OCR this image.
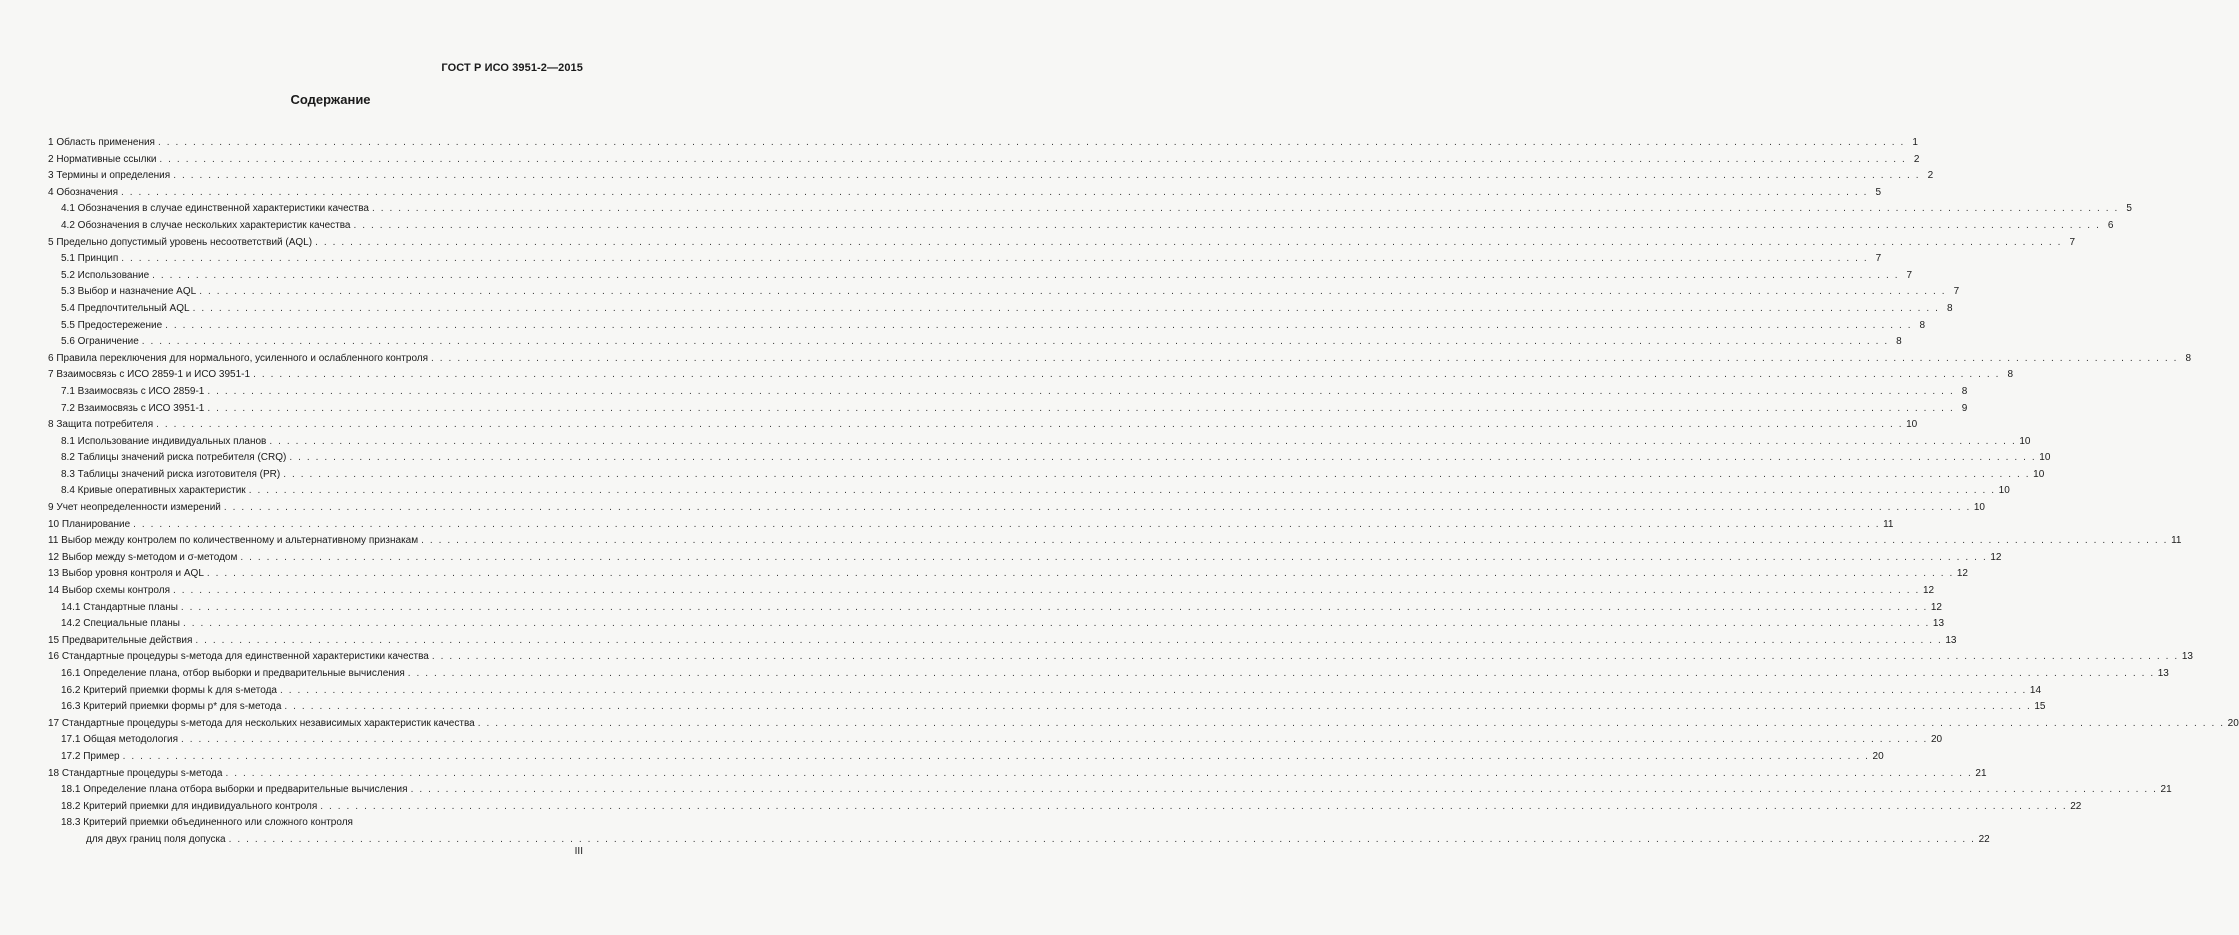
ГОСТ Р ИСО 3951-2—2015
Содержание
1 Область применения . . . . . . . . . . . . . . . . . . . . . . . . . . . . . . . . . . . . . . . . . . . . . . . . . . . . . . . . . . . . . . . . . . . . . . . . . . . . . . . . . . . . . . . . . . . . . . . . . . . . . . . . . . . . . . . . . . . . . . . . . . . . . . . . . . . . . . . . . . . . . . . . . . . . . . . . . . . . . . . . . . . . . . . . . . . . . . . . . . . . . . . . . . . . . . . . . . . . . . . . 1
2 Нормативные ссылки . . . . . . . . . . . . . . . . . . . . . . . . . . . . . . . . . . . . . . . . . . . . . . . . . . . . . . . . . . . . . . . . . . . . . . . . . . . . . . . . . . . . . . . . . . . . . . . . . . . . . . . . . . . . . . . . . . . . . . . . . . . . . . . . . . . . . . . . . . . . . . . . . . . . . . . . . . . . . . . . . . . . . . . . . . . . . . . . . . . . . . . . . . . . . . . . . . . . . . . . 2
3 Термины и определения . . . . . . . . . . . . . . . . . . . . . . . . . . . . . . . . . . . . . . . . . . . . . . . . . . . . . . . . . . . . . . . . . . . . . . . . . . . . . . . . . . . . . . . . . . . . . . . . . . . . . . . . . . . . . . . . . . . . . . . . . . . . . . . . . . . . . . . . . . . . . . . . . . . . . . . . . . . . . . . . . . . . . . . . . . . . . . . . . . . . . . . . . . . . . . . . . . . . . . . . 2
4 Обозначения . . . . . . . . . . . . . . . . . . . . . . . . . . . . . . . . . . . . . . . . . . . . . . . . . . . . . . . . . . . . . . . . . . . . . . . . . . . . . . . . . . . . . . . . . . . . . . . . . . . . . . . . . . . . . . . . . . . . . . . . . . . . . . . . . . . . . . . . . . . . . . . . . . . . . . . . . . . . . . . . . . . . . . . . . . . . . . . . . . . . . . . . . . . . . . . . . . . . . . . . 5
4.1 Обозначения в случае единственной характеристики качества . . . . . . . . . . . . . . . . . . . . . . . . . . . . . . . . . . . . . . . . . . . . . . . . . . . . . . . . . . . . . . . . . . . . . . . . . . . . . . . . . . . . . . . . . . . . . . . . . . . . . . . . . . . . . . . . . . . . . . . . . . . . . . . . . . . . . . . . . . . . . . . . . . . . . . . . . . . . . . . . . . . . . . . . . . . . . . . . . . . . . . . . . . . . . . . . . . . . . . . . 5
4.2 Обозначения в случае нескольких характеристик качества . . . . . . . . . . . . . . . . . . . . . . . . . . . . . . . . . . . . . . . . . . . . . . . . . . . . . . . . . . . . . . . . . . . . . . . . . . . . . . . . . . . . . . . . . . . . . . . . . . . . . . . . . . . . . . . . . . . . . . . . . . . . . . . . . . . . . . . . . . . . . . . . . . . . . . . . . . . . . . . . . . . . . . . . . . . . . . . . . . . . . . . . . . . . . . . . . . . . . . . . 6
5 Предельно допустимый уровень несоответствий (AQL) . . . . . . . . . . . . . . . . . . . . . . . . . . . . . . . . . . . . . . . . . . . . . . . . . . . . . . . . . . . . . . . . . . . . . . . . . . . . . . . . . . . . . . . . . . . . . . . . . . . . . . . . . . . . . . . . . . . . . . . . . . . . . . . . . . . . . . . . . . . . . . . . . . . . . . . . . . . . . . . . . . . . . . . . . . . . . . . . . . . . . . . . . . . . . . . . . . . . . . . . 7
5.1 Принцип . . . . . . . . . . . . . . . . . . . . . . . . . . . . . . . . . . . . . . . . . . . . . . . . . . . . . . . . . . . . . . . . . . . . . . . . . . . . . . . . . . . . . . . . . . . . . . . . . . . . . . . . . . . . . . . . . . . . . . . . . . . . . . . . . . . . . . . . . . . . . . . . . . . . . . . . . . . . . . . . . . . . . . . . . . . . . . . . . . . . . . . . . . . . . . . . . . . . . . . . 7
5.2 Использование . . . . . . . . . . . . . . . . . . . . . . . . . . . . . . . . . . . . . . . . . . . . . . . . . . . . . . . . . . . . . . . . . . . . . . . . . . . . . . . . . . . . . . . . . . . . . . . . . . . . . . . . . . . . . . . . . . . . . . . . . . . . . . . . . . . . . . . . . . . . . . . . . . . . . . . . . . . . . . . . . . . . . . . . . . . . . . . . . . . . . . . . . . . . . . . . . . . . . . . . 7
5.3 Выбор и назначение AQL . . . . . . . . . . . . . . . . . . . . . . . . . . . . . . . . . . . . . . . . . . . . . . . . . . . . . . . . . . . . . . . . . . . . . . . . . . . . . . . . . . . . . . . . . . . . . . . . . . . . . . . . . . . . . . . . . . . . . . . . . . . . . . . . . . . . . . . . . . . . . . . . . . . . . . . . . . . . . . . . . . . . . . . . . . . . . . . . . . . . . . . . . . . . . . . . . . . . . . . . 7
5.4 Предпочтительный AQL . . . . . . . . . . . . . . . . . . . . . . . . . . . . . . . . . . . . . . . . . . . . . . . . . . . . . . . . . . . . . . . . . . . . . . . . . . . . . . . . . . . . . . . . . . . . . . . . . . . . . . . . . . . . . . . . . . . . . . . . . . . . . . . . . . . . . . . . . . . . . . . . . . . . . . . . . . . . . . . . . . . . . . . . . . . . . . . . . . . . . . . . . . . . . . . . . . . . . . . . 8
5.5 Предостережение . . . . . . . . . . . . . . . . . . . . . . . . . . . . . . . . . . . . . . . . . . . . . . . . . . . . . . . . . . . . . . . . . . . . . . . . . . . . . . . . . . . . . . . . . . . . . . . . . . . . . . . . . . . . . . . . . . . . . . . . . . . . . . . . . . . . . . . . . . . . . . . . . . . . . . . . . . . . . . . . . . . . . . . . . . . . . . . . . . . . . . . . . . . . . . . . . . . . . . . . 8
5.6 Ограничение . . . . . . . . . . . . . . . . . . . . . . . . . . . . . . . . . . . . . . . . . . . . . . . . . . . . . . . . . . . . . . . . . . . . . . . . . . . . . . . . . . . . . . . . . . . . . . . . . . . . . . . . . . . . . . . . . . . . . . . . . . . . . . . . . . . . . . . . . . . . . . . . . . . . . . . . . . . . . . . . . . . . . . . . . . . . . . . . . . . . . . . . . . . . . . . . . . . . . . . . 8
6 Правила переключения для нормального, усиленного и ослабленного контроля . . . . . . . . . . . . . . . . . . . . . . . . . . . . . . . . . . . . . . . . . . . . . . . . . . . . . . . . . . . . . . . . . . . . . . . . . . . . . . . . . . . . . . . . . . . . . . . . . . . . . . . . . . . . . . . . . . . . . . . . . . . . . . . . . . . . . . . . . . . . . . . . . . . . . . . . . . . . . . . . . . . . . . . . . . . . . . . . . . . . . . . . . . . . . . . . . . . . . . . . 8
7 Взаимосвязь с ИСО 2859-1 и ИСО 3951-1 . . . . . . . . . . . . . . . . . . . . . . . . . . . . . . . . . . . . . . . . . . . . . . . . . . . . . . . . . . . . . . . . . . . . . . . . . . . . . . . . . . . . . . . . . . . . . . . . . . . . . . . . . . . . . . . . . . . . . . . . . . . . . . . . . . . . . . . . . . . . . . . . . . . . . . . . . . . . . . . . . . . . . . . . . . . . . . . . . . . . . . . . . . . . . . . . . . . . . . . . 8
7.1 Взаимосвязь с ИСО 2859-1 . . . . . . . . . . . . . . . . . . . . . . . . . . . . . . . . . . . . . . . . . . . . . . . . . . . . . . . . . . . . . . . . . . . . . . . . . . . . . . . . . . . . . . . . . . . . . . . . . . . . . . . . . . . . . . . . . . . . . . . . . . . . . . . . . . . . . . . . . . . . . . . . . . . . . . . . . . . . . . . . . . . . . . . . . . . . . . . . . . . . . . . . . . . . . . . . . . . . . . . . 8
7.2 Взаимосвязь с ИСО 3951-1 . . . . . . . . . . . . . . . . . . . . . . . . . . . . . . . . . . . . . . . . . . . . . . . . . . . . . . . . . . . . . . . . . . . . . . . . . . . . . . . . . . . . . . . . . . . . . . . . . . . . . . . . . . . . . . . . . . . . . . . . . . . . . . . . . . . . . . . . . . . . . . . . . . . . . . . . . . . . . . . . . . . . . . . . . . . . . . . . . . . . . . . . . . . . . . . . . . . . . . . . 9
8 Защита потребителя . . . . . . . . . . . . . . . . . . . . . . . . . . . . . . . . . . . . . . . . . . . . . . . . . . . . . . . . . . . . . . . . . . . . . . . . . . . . . . . . . . . . . . . . . . . . . . . . . . . . . . . . . . . . . . . . . . . . . . . . . . . . . . . . . . . . . . . . . . . . . . . . . . . . . . . . . . . . . . . . . . . . . . . . . . . . . . . . . . . . . . . . . . . . . . . . . . . . . . . . 10
8.1 Использование индивидуальных планов . . . . . . . . . . . . . . . . . . . . . . . . . . . . . . . . . . . . . . . . . . . . . . . . . . . . . . . . . . . . . . . . . . . . . . . . . . . . . . . . . . . . . . . . . . . . . . . . . . . . . . . . . . . . . . . . . . . . . . . . . . . . . . . . . . . . . . . . . . . . . . . . . . . . . . . . . . . . . . . . . . . . . . . . . . . . . . . . . . . . . . . . . . . . . . . . . . . . . . . . 10
8.2 Таблицы значений риска потребителя (CRQ) . . . . . . . . . . . . . . . . . . . . . . . . . . . . . . . . . . . . . . . . . . . . . . . . . . . . . . . . . . . . . . . . . . . . . . . . . . . . . . . . . . . . . . . . . . . . . . . . . . . . . . . . . . . . . . . . . . . . . . . . . . . . . . . . . . . . . . . . . . . . . . . . . . . . . . . . . . . . . . . . . . . . . . . . . . . . . . . . . . . . . . . . . . . . . . . . . . . . . . . . 10
8.3 Таблицы значений риска изготовителя (PR) . . . . . . . . . . . . . . . . . . . . . . . . . . . . . . . . . . . . . . . . . . . . . . . . . . . . . . . . . . . . . . . . . . . . . . . . . . . . . . . . . . . . . . . . . . . . . . . . . . . . . . . . . . . . . . . . . . . . . . . . . . . . . . . . . . . . . . . . . . . . . . . . . . . . . . . . . . . . . . . . . . . . . . . . . . . . . . . . . . . . . . . . . . . . . . . . . . . . . . . . 10
8.4 Кривые оперативных характеристик . . . . . . . . . . . . . . . . . . . . . . . . . . . . . . . . . . . . . . . . . . . . . . . . . . . . . . . . . . . . . . . . . . . . . . . . . . . . . . . . . . . . . . . . . . . . . . . . . . . . . . . . . . . . . . . . . . . . . . . . . . . . . . . . . . . . . . . . . . . . . . . . . . . . . . . . . . . . . . . . . . . . . . . . . . . . . . . . . . . . . . . . . . . . . . . . . . . . . . . . 10
9 Учет неопределенности измерений . . . . . . . . . . . . . . . . . . . . . . . . . . . . . . . . . . . . . . . . . . . . . . . . . . . . . . . . . . . . . . . . . . . . . . . . . . . . . . . . . . . . . . . . . . . . . . . . . . . . . . . . . . . . . . . . . . . . . . . . . . . . . . . . . . . . . . . . . . . . . . . . . . . . . . . . . . . . . . . . . . . . . . . . . . . . . . . . . . . . . . . . . . . . . . . . . . . . . . . . 10
10 Планирование . . . . . . . . . . . . . . . . . . . . . . . . . . . . . . . . . . . . . . . . . . . . . . . . . . . . . . . . . . . . . . . . . . . . . . . . . . . . . . . . . . . . . . . . . . . . . . . . . . . . . . . . . . . . . . . . . . . . . . . . . . . . . . . . . . . . . . . . . . . . . . . . . . . . . . . . . . . . . . . . . . . . . . . . . . . . . . . . . . . . . . . . . . . . . . . . . . . . . . . . 11
11 Выбор между контролем по количественному и альтернативному признакам . . . . . . . . . . . . . . . . . . . . . . . . . . . . . . . . . . . . . . . . . . . . . . . . . . . . . . . . . . . . . . . . . . . . . . . . . . . . . . . . . . . . . . . . . . . . . . . . . . . . . . . . . . . . . . . . . . . . . . . . . . . . . . . . . . . . . . . . . . . . . . . . . . . . . . . . . . . . . . . . . . . . . . . . . . . . . . . . . . . . . . . . . . . . . . . . . . . . . . . . 11
12 Выбор между s-методом и σ-методом . . . . . . . . . . . . . . . . . . . . . . . . . . . . . . . . . . . . . . . . . . . . . . . . . . . . . . . . . . . . . . . . . . . . . . . . . . . . . . . . . . . . . . . . . . . . . . . . . . . . . . . . . . . . . . . . . . . . . . . . . . . . . . . . . . . . . . . . . . . . . . . . . . . . . . . . . . . . . . . . . . . . . . . . . . . . . . . . . . . . . . . . . . . . . . . . . . . . . . . . 12
13 Выбор уровня контроля и AQL . . . . . . . . . . . . . . . . . . . . . . . . . . . . . . . . . . . . . . . . . . . . . . . . . . . . . . . . . . . . . . . . . . . . . . . . . . . . . . . . . . . . . . . . . . . . . . . . . . . . . . . . . . . . . . . . . . . . . . . . . . . . . . . . . . . . . . . . . . . . . . . . . . . . . . . . . . . . . . . . . . . . . . . . . . . . . . . . . . . . . . . . . . . . . . . . . . . . . . . . 12
14 Выбор схемы контроля . . . . . . . . . . . . . . . . . . . . . . . . . . . . . . . . . . . . . . . . . . . . . . . . . . . . . . . . . . . . . . . . . . . . . . . . . . . . . . . . . . . . . . . . . . . . . . . . . . . . . . . . . . . . . . . . . . . . . . . . . . . . . . . . . . . . . . . . . . . . . . . . . . . . . . . . . . . . . . . . . . . . . . . . . . . . . . . . . . . . . . . . . . . . . . . . . . . . . . . . 12
14.1 Стандартные планы . . . . . . . . . . . . . . . . . . . . . . . . . . . . . . . . . . . . . . . . . . . . . . . . . . . . . . . . . . . . . . . . . . . . . . . . . . . . . . . . . . . . . . . . . . . . . . . . . . . . . . . . . . . . . . . . . . . . . . . . . . . . . . . . . . . . . . . . . . . . . . . . . . . . . . . . . . . . . . . . . . . . . . . . . . . . . . . . . . . . . . . . . . . . . . . . . . . . . . . . 12
14.2 Специальные планы . . . . . . . . . . . . . . . . . . . . . . . . . . . . . . . . . . . . . . . . . . . . . . . . . . . . . . . . . . . . . . . . . . . . . . . . . . . . . . . . . . . . . . . . . . . . . . . . . . . . . . . . . . . . . . . . . . . . . . . . . . . . . . . . . . . . . . . . . . . . . . . . . . . . . . . . . . . . . . . . . . . . . . . . . . . . . . . . . . . . . . . . . . . . . . . . . . . . . . . . 13
15 Предварительные действия . . . . . . . . . . . . . . . . . . . . . . . . . . . . . . . . . . . . . . . . . . . . . . . . . . . . . . . . . . . . . . . . . . . . . . . . . . . . . . . . . . . . . . . . . . . . . . . . . . . . . . . . . . . . . . . . . . . . . . . . . . . . . . . . . . . . . . . . . . . . . . . . . . . . . . . . . . . . . . . . . . . . . . . . . . . . . . . . . . . . . . . . . . . . . . . . . . . . . . . . 13
16 Стандартные процедуры s-метода для единственной характеристики качества . . . . . . . . . . . . . . . . . . . . . . . . . . . . . . . . . . . . . . . . . . . . . . . . . . . . . . . . . . . . . . . . . . . . . . . . . . . . . . . . . . . . . . . . . . . . . . . . . . . . . . . . . . . . . . . . . . . . . . . . . . . . . . . . . . . . . . . . . . . . . . . . . . . . . . . . . . . . . . . . . . . . . . . . . . . . . . . . . . . . . . . . . . . . . . . . . . . . . . . . 13
16.1 Определение плана, отбор выборки и предварительные вычисления . . . . . . . . . . . . . . . . . . . . . . . . . . . . . . . . . . . . . . . . . . . . . . . . . . . . . . . . . . . . . . . . . . . . . . . . . . . . . . . . . . . . . . . . . . . . . . . . . . . . . . . . . . . . . . . . . . . . . . . . . . . . . . . . . . . . . . . . . . . . . . . . . . . . . . . . . . . . . . . . . . . . . . . . . . . . . . . . . . . . . . . . . . . . . . . . . . . . . . . . 13
16.2 Критерий приемки формы k для s-метода . . . . . . . . . . . . . . . . . . . . . . . . . . . . . . . . . . . . . . . . . . . . . . . . . . . . . . . . . . . . . . . . . . . . . . . . . . . . . . . . . . . . . . . . . . . . . . . . . . . . . . . . . . . . . . . . . . . . . . . . . . . . . . . . . . . . . . . . . . . . . . . . . . . . . . . . . . . . . . . . . . . . . . . . . . . . . . . . . . . . . . . . . . . . . . . . . . . . . . . . 14
16.3 Критерий приемки формы p* для s-метода . . . . . . . . . . . . . . . . . . . . . . . . . . . . . . . . . . . . . . . . . . . . . . . . . . . . . . . . . . . . . . . . . . . . . . . . . . . . . . . . . . . . . . . . . . . . . . . . . . . . . . . . . . . . . . . . . . . . . . . . . . . . . . . . . . . . . . . . . . . . . . . . . . . . . . . . . . . . . . . . . . . . . . . . . . . . . . . . . . . . . . . . . . . . . . . . . . . . . . . . 15
17 Стандартные процедуры s-метода для нескольких независимых характеристик качества . . . . . . . . . . . . . . . . . . . . . . . . . . . . . . . . . . . . . . . . . . . . . . . . . . . . . . . . . . . . . . . . . . . . . . . . . . . . . . . . . . . . . . . . . . . . . . . . . . . . . . . . . . . . . . . . . . . . . . . . . . . . . . . . . . . . . . . . . . . . . . . . . . . . . . . . . . . . . . . . . . . . . . . . . . . . . . . . . . . . . . . . . . . . . . . . . . . . . . . . 20
17.1 Общая методология . . . . . . . . . . . . . . . . . . . . . . . . . . . . . . . . . . . . . . . . . . . . . . . . . . . . . . . . . . . . . . . . . . . . . . . . . . . . . . . . . . . . . . . . . . . . . . . . . . . . . . . . . . . . . . . . . . . . . . . . . . . . . . . . . . . . . . . . . . . . . . . . . . . . . . . . . . . . . . . . . . . . . . . . . . . . . . . . . . . . . . . . . . . . . . . . . . . . . . . . 20
17.2 Пример . . . . . . . . . . . . . . . . . . . . . . . . . . . . . . . . . . . . . . . . . . . . . . . . . . . . . . . . . . . . . . . . . . . . . . . . . . . . . . . . . . . . . . . . . . . . . . . . . . . . . . . . . . . . . . . . . . . . . . . . . . . . . . . . . . . . . . . . . . . . . . . . . . . . . . . . . . . . . . . . . . . . . . . . . . . . . . . . . . . . . . . . . . . . . . . . . . . . . . . . 20
18 Стандартные процедуры s-метода . . . . . . . . . . . . . . . . . . . . . . . . . . . . . . . . . . . . . . . . . . . . . . . . . . . . . . . . . . . . . . . . . . . . . . . . . . . . . . . . . . . . . . . . . . . . . . . . . . . . . . . . . . . . . . . . . . . . . . . . . . . . . . . . . . . . . . . . . . . . . . . . . . . . . . . . . . . . . . . . . . . . . . . . . . . . . . . . . . . . . . . . . . . . . . . . . . . . . . . . 21
18.1 Определение плана отбора выборки и предварительные вычисления . . . . . . . . . . . . . . . . . . . . . . . . . . . . . . . . . . . . . . . . . . . . . . . . . . . . . . . . . . . . . . . . . . . . . . . . . . . . . . . . . . . . . . . . . . . . . . . . . . . . . . . . . . . . . . . . . . . . . . . . . . . . . . . . . . . . . . . . . . . . . . . . . . . . . . . . . . . . . . . . . . . . . . . . . . . . . . . . . . . . . . . . . . . . . . . . . . . . . . . . 21
18.2 Критерий приемки для индивидуального контроля . . . . . . . . . . . . . . . . . . . . . . . . . . . . . . . . . . . . . . . . . . . . . . . . . . . . . . . . . . . . . . . . . . . . . . . . . . . . . . . . . . . . . . . . . . . . . . . . . . . . . . . . . . . . . . . . . . . . . . . . . . . . . . . . . . . . . . . . . . . . . . . . . . . . . . . . . . . . . . . . . . . . . . . . . . . . . . . . . . . . . . . . . . . . . . . . . . . . . . . . 22
18.3 Критерий приемки объединенного или сложного контроля
для двух границ поля допуска . . . . . . . . . . . . . . . . . . . . . . . . . . . . . . . . . . . . . . . . . . . . . . . . . . . . . . . . . . . . . . . . . . . . . . . . . . . . . . . . . . . . . . . . . . . . . . . . . . . . . . . . . . . . . . . . . . . . . . . . . . . . . . . . . . . . . . . . . . . . . . . . . . . . . . . . . . . . . . . . . . . . . . . . . . . . . . . . . . . . . . . . . . . . . . . . . . . . . . . . 22
III
